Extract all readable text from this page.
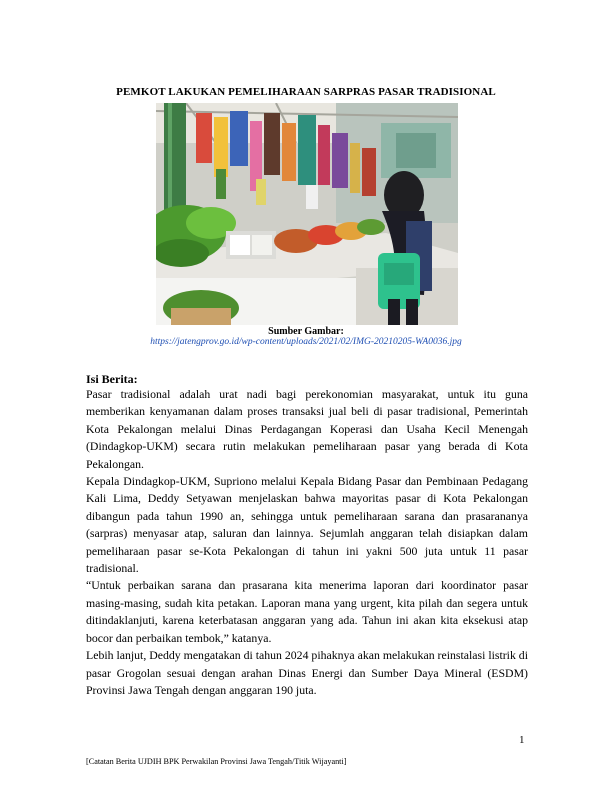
PEMKOT LAKUKAN PEMELIHARAAN SARPRAS PASAR TRADISIONAL
Sumber Gambar:
https://jatengprov.go.id/wp-content/uploads/2021/02/IMG-20210205-WA0036.jpg
Isi Berita:

Pasar tradisional adalah urat nadi bagi perekonomian masyarakat, untuk itu guna memberikan kenyamanan dalam proses transaksi jual beli di pasar tradisional, Pemerintah Kota Pekalongan melalui Dinas Perdagangan Koperasi dan Usaha Kecil Menengah (Dindagkop-UKM) secara rutin melakukan pemeliharaan pasar yang berada di Kota Pekalongan.

Kepala Dindagkop-UKM, Supriono melalui Kepala Bidang Pasar dan Pembinaan Pedagang Kali Lima, Deddy Setyawan menjelaskan bahwa mayoritas pasar di Kota Pekalongan dibangun pada tahun 1990 an, sehingga untuk pemeliharaan sarana dan prasarananya (sarpras) menyasar atap, saluran dan lainnya. Sejumlah anggaran telah disiapkan dalam pemeliharaan pasar se-Kota Pekalongan di tahun ini yakni 500 juta untuk 11 pasar tradisional.

“Untuk perbaikan sarana dan prasarana kita menerima laporan dari koordinator pasar masing-masing, sudah kita petakan. Laporan mana yang urgent, kita pilah dan segera untuk ditindaklanjuti, karena keterbatasan anggaran yang ada. Tahun ini akan kita eksekusi atap bocor dan perbaikan tembok,” katanya.

Lebih lanjut, Deddy mengatakan di tahun 2024 pihaknya akan melakukan reinstalasi listrik di pasar Grogolan sesuai dengan arahan Dinas Energi dan Sumber Daya Mineral (ESDM) Provinsi Jawa Tengah dengan anggaran 190 juta.

1
[Catatan Berita UJDIH BPK Perwakilan Provinsi Jawa Tengah/Titik Wijayanti]
